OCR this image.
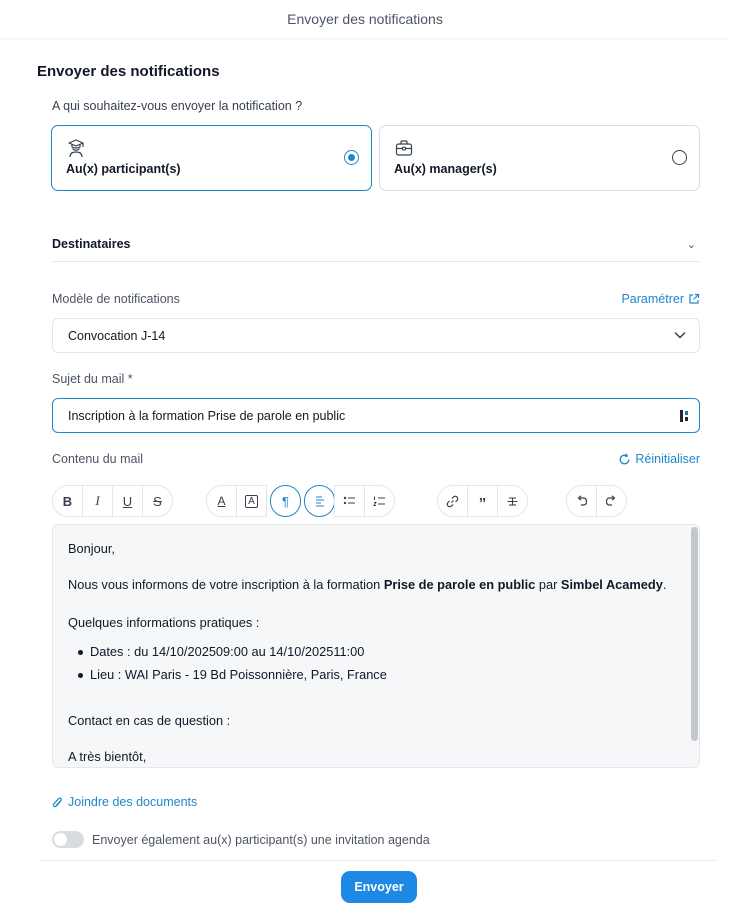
Envoyer des notifications
Envoyer des notifications
A qui souhaitez-vous envoyer la notification ?
Au(x) participant(s)	Au(x) manager(s)
Destinataires	⌄
Modèle de notifications	Paramétrer
Convocation J-14
Sujet du mail *
Inscription à la formation Prise de parole en public
Contenu du mail	Réinitialiser
B I U S	A	A	¶	”

Bonjour,

Nous vous informons de votre inscription à la formation Prise de parole en public par Simbel Acamedy.

Quelques informations pratiques :

Dates : du 14/10/202509:00 au 14/10/202511:00
Lieu : WAI Paris - 19 Bd Poissonnière, Paris, France

Contact en cas de question :

A très bientôt,

Joindre des documents
Envoyer également au(x) participant(s) une invitation agenda
Envoyer
